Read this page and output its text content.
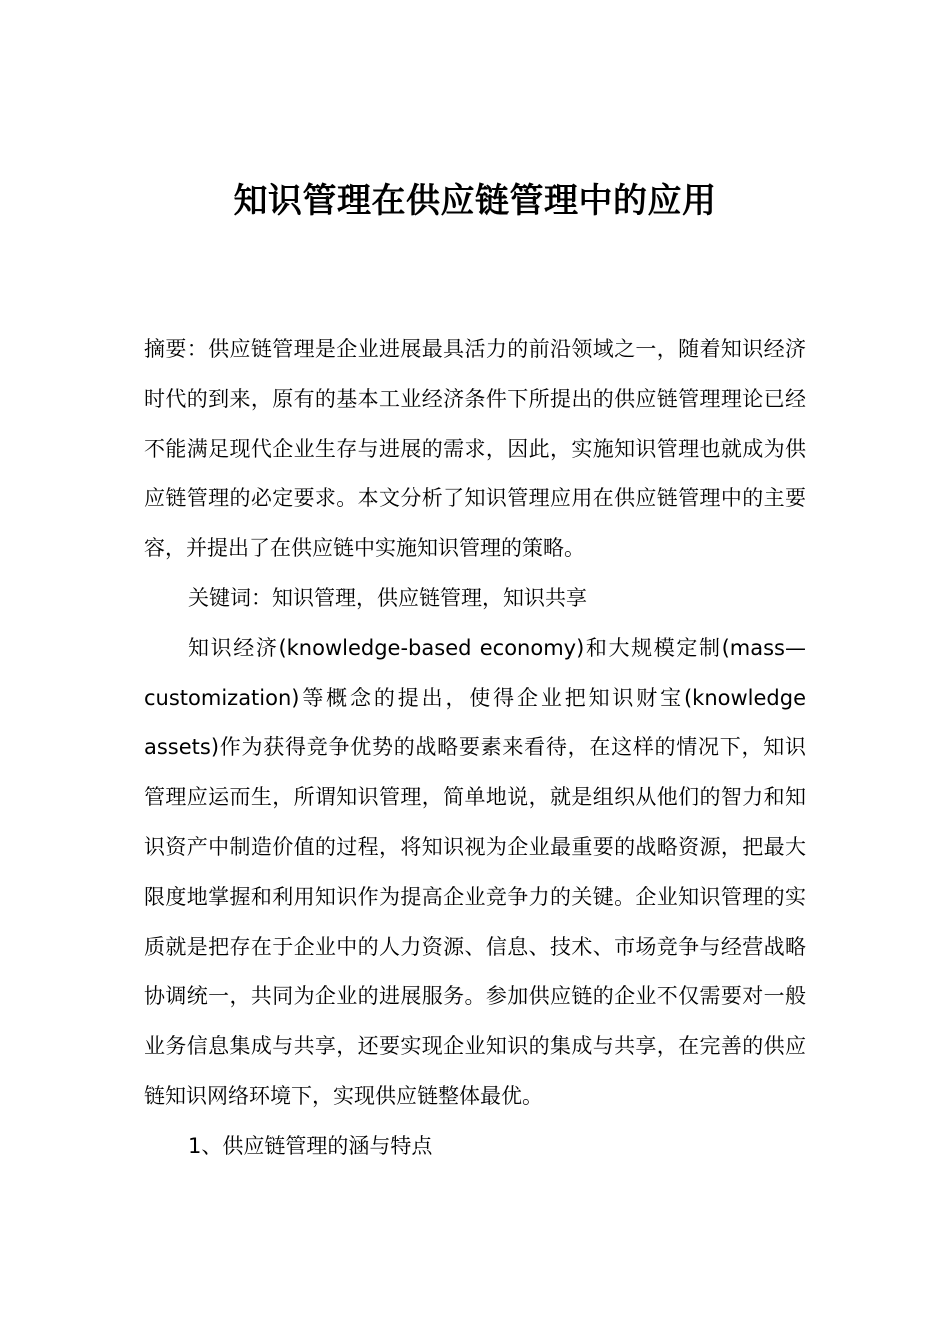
知识管理在供应链管理中的应用

摘要：供应链管理是企业进展最具活力的前沿领域之一，随着知识经济时代的到来，原有的基本工业经济条件下所提出的供应链管理理论已经不能满足现代企业生存与进展的需求，因此，实施知识管理也就成为供应链管理的必定要求。本文分析了知识管理应用在供应链管理中的主要容，并提出了在供应链中实施知识管理的策略。

关键词：知识管理，供应链管理，知识共享

知识经济(knowledge-based economy)和大规模定制(mass—customization)等概念的提出，使得企业把知识财宝(knowledge assets)作为获得竞争优势的战略要素来看待，在这样的情况下，知识管理应运而生，所谓知识管理，简单地说，就是组织从他们的智力和知识资产中制造价值的过程，将知识视为企业最重要的战略资源，把最大限度地掌握和利用知识作为提高企业竞争力的关键。企业知识管理的实质就是把存在于企业中的人力资源、信息、技术、市场竞争与经营战略协调统一，共同为企业的进展服务。参加供应链的企业不仅需要对一般业务信息集成与共享，还要实现企业知识的集成与共享，在完善的供应链知识网络环境下，实现供应链整体最优。

1、供应链管理的涵与特点
